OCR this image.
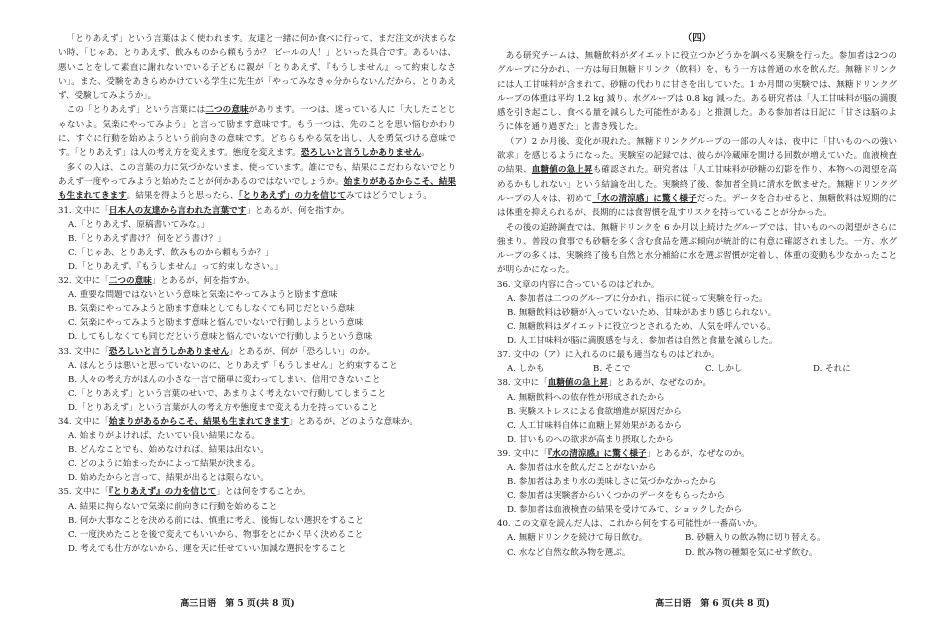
「とりあえず」という言葉はよく使われます。友達と一緒に何か食べに行って、まだ注文が決まらない時、「じゃあ、とりあえず、飲みものから頼もうか？ ビールの人！」といった具合です。あるいは、悪いことをして素直に謝れないでいる子どもに親が「とりあえず、『もうしません』って約束しなさい」。また、受験をあきらめかけている学生に先生が「やってみなきゃ分からないんだから、とりあえず、受験してみようか」。

この「とりあえず」という言葉には二つの意味があります。一つは、迷っている人に「大したことじゃないよ。気楽にやってみよう」と言って励ます意味です。もう一つは、先のことを思い悩むかわりに、すぐに行動を始めようという前向きの意味です。どちらもやる気を出し、人を勇気づける意味です。「とりあえず」は人の考え方を変えます。態度を変えます。恐ろしいと言うしかありません。

多くの人は、この言葉の力に気づかないまま、使っています。誰にでも、結果にこだわらないでとりあえず一度やってみようと始めたことが何かあるのではないでしょうか。始まりがあるからこそ、結果も生まれてきます。結果を得ようと思ったら、「とりあえず」の力を信じてみてはどうでしょう。

31. 文中に「日本人の友達から言われた言葉です」とあるが、何を指すか。

A.「とりあえず、原稿書いてみな。」

B.「とりあえず書け？ 何をどう書け？」

C.「じゃあ、とりあえず、飲みものから頼もうか？」

D.「とりあえず、『もうしません』って約束しなさい。」

32. 文中に「二つの意味」とあるが、何を指すか。

A. 重要な問題ではないという意味と気楽にやってみようと励ます意味

B. 気楽にやってみようと励ます意味としてもしなくても同じだという意味

C. 気楽にやってみようと励ます意味と悩んでいないで行動しようという意味

D. してもしなくても同じだという意味と悩んでいないで行動しようという意味

33. 文中に「恐ろしいと言うしかありません」とあるが、何が「恐ろしい」のか。

A. ほんとうは悪いと思っていないのに、とりあえず「もうしません」と約束すること

B. 人々の考え方がほんの小さな一言で簡単に変わってしまい、信用できないこと

C.「とりあえず」という言葉のせいで、あまりよく考えないで行動してしまうこと

D.「とりあえず」という言葉が人の考え方や態度まで変える力を持っていること

34. 文中に「始まりがあるからこそ、結果も生まれてきます」とあるが、どのような意味か。

A. 始まりがよければ、たいてい良い結果になる。

B. どんなことでも、始めなければ、結果は出ない。

C. どのように始まったかによって結果が決まる。

D. 始めたからと言って、結果が出るとは限らない。

35. 文中に「『とりあえず』の力を信じて」とは何をすることか。

A. 結果に拘らないで気楽に前向きに行動を始めること

B. 何か大事なことを決める前には、慎重に考え、後悔しない選択をすること

C. 一度決めたことを後で変えてもいいから、物事をとにかく早く決めること

D. 考えても仕方がないから、運を天に任せていい加減な選択をすること

高三日语　第 5 页(共 8 页)

（四）

ある研究チームは、無糖飲料がダイエットに役立つかどうかを調べる実験を行った。参加者は2つのグループに分かれ、一方は毎日無糖ドリンク（飲料）を、もう一方は普通の水を飲んだ。無糖ドリンクには人工甘味料が含まれて、砂糖の代わりに甘さを出していた。1 か月間の実験では、無糖ドリンクグループの体重は平均 1.2 kg 減り、水グループは 0.8 kg 減った。ある研究者は「人工甘味料が脳の満腹感を引き起こし、食べる量を減らした可能性がある」と推測した。ある参加者は日記に「甘さは脳のように体を通り過ぎた」と書き残した。

（ア）2 か月後、変化が現れた。無糖ドリンクグループの一部の人々は、夜中に「甘いものへの強い欲求」を感じるようになった。実験室の記録では、彼らが冷蔵庫を開ける回数が増えていた。血液検査の結果、血糖値の急上昇も確認された。研究者は「人工甘味料が砂糖の幻影を作り、本物への渇望を高めるかもしれない」という結論を出した。実験終了後、参加者全員に清水を飲ませた。無糖ドリンクグループの人々は、初めて「水の清涼感」に驚く様子だった。データを合わせると、無糖飲料は短期的には体重を抑えられるが、長期的には食習慣を乱すリスクを持っていることが分かった。

その後の追跡調査では、無糖ドリンクを 6 か月以上続けたグループでは、甘いものへの渇望がさらに強まり、普段の食事でも砂糖を多く含む食品を選ぶ傾向が統計的に有意に確認されました。一方、水グループの多くは、実験終了後も自然と水分補給に水を選ぶ習慣が定着し、体重の変動も少なかったことが明らかになった。

36. 文章の内容に合っているのはどれか。

A. 参加者は二つのグループに分かれ、指示に従って実験を行った。

B. 無糖飲料は砂糖が入っていないため、甘味があまり感じられない。

C. 無糖飲料はダイエットに役立つとされるため、人気を呼んでいる。

D. 人工甘味料が脳に満腹感を与え、参加者は自然と食量を減らした。

37. 文中の（ア）に入れるのに最も適当なものはどれか。

A. しかも	B. そこで	C. しかし	D. それに

38. 文中に「血糖値の急上昇」とあるが、なぜなのか。

A. 無糖飲料への依存性が形成されたから

B. 実験ストレスによる食欲増進が原因だから

C. 人工甘味料自体に血糖上昇効果があるから

D. 甘いものへの欲求が高まり摂取したから

39. 文中に「『水の清涼感』に驚く様子」とあるが、なぜなのか。

A. 参加者は水を飲んだことがないから

B. 参加者はあまり水の美味しさに気づかなかったから

C. 参加者は実験者からいくつかのデータをもらったから

D. 参加者は血液検査の結果を受けてみて、ショックしたから

40. この文章を読んだ人は、これから何をする可能性が一番高いか。

A. 無糖ドリンクを続けて毎日飲む。	B. 砂糖入りの飲み物に切り替える。
C. 水など自然な飲み物を選ぶ。	D. 飲み物の種類を気にせず飲む。
高三日语　第 6 页(共 8 页)
